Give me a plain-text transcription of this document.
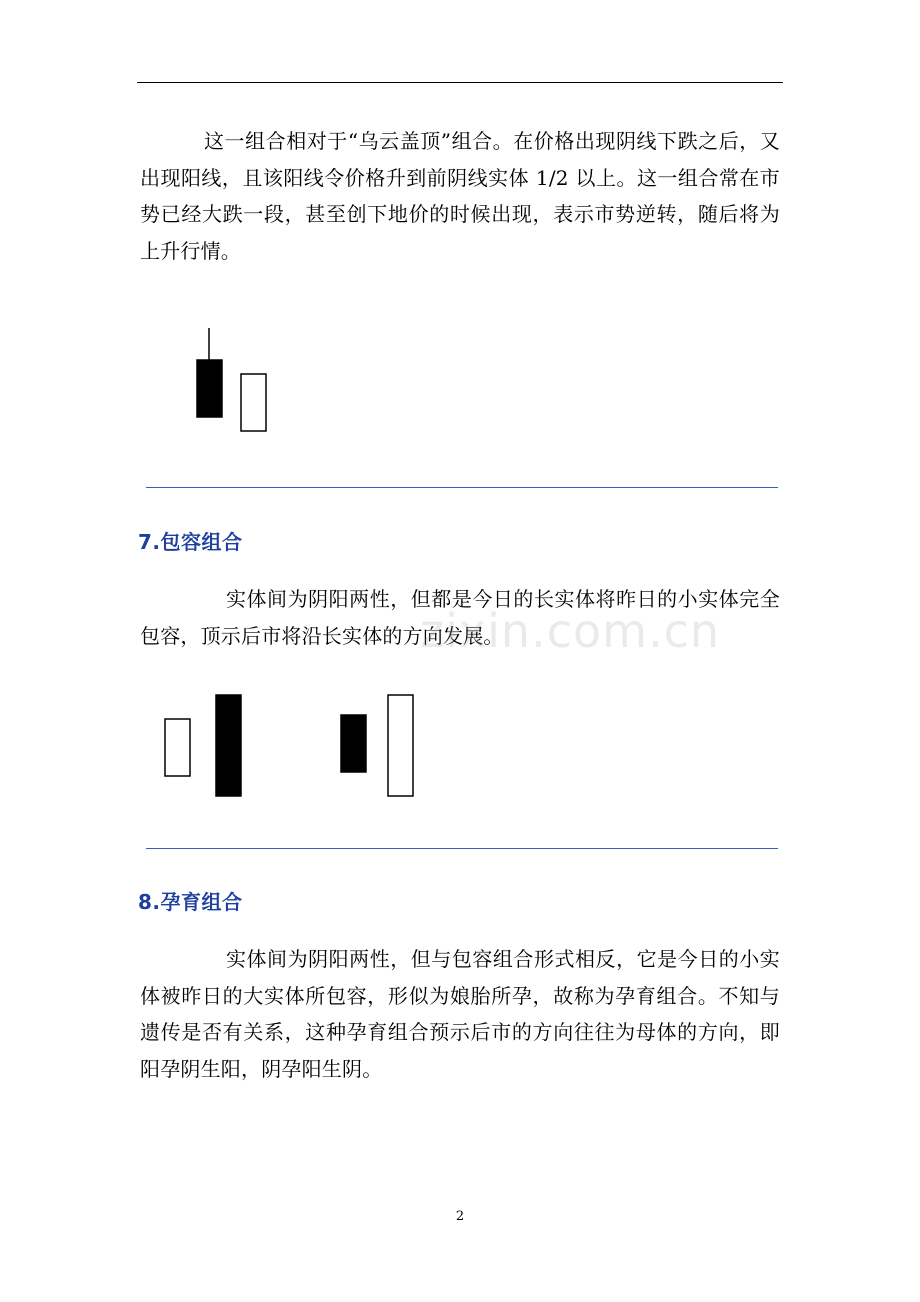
这一组合相对于“乌云盖顶”组合。在价格出现阴线下跌之后，又出现阳线，且该阳线令价格升到前阴线实体 1/2 以上。这一组合常在市势已经大跌一段，甚至创下地价的时候出现，表示市势逆转，随后将为上升行情。

7.包容组合

实体间为阴阳两性，但都是今日的长实体将昨日的小实体完全包容，顶示后市将沿长实体的方向发展。

zixin.com.cn
8.孕育组合

实体间为阴阳两性，但与包容组合形式相反，它是今日的小实体被昨日的大实体所包容，形似为娘胎所孕，故称为孕育组合。不知与遗传是否有关系，这种孕育组合预示后市的方向往往为母体的方向，即阳孕阴生阳，阴孕阳生阴。

2
